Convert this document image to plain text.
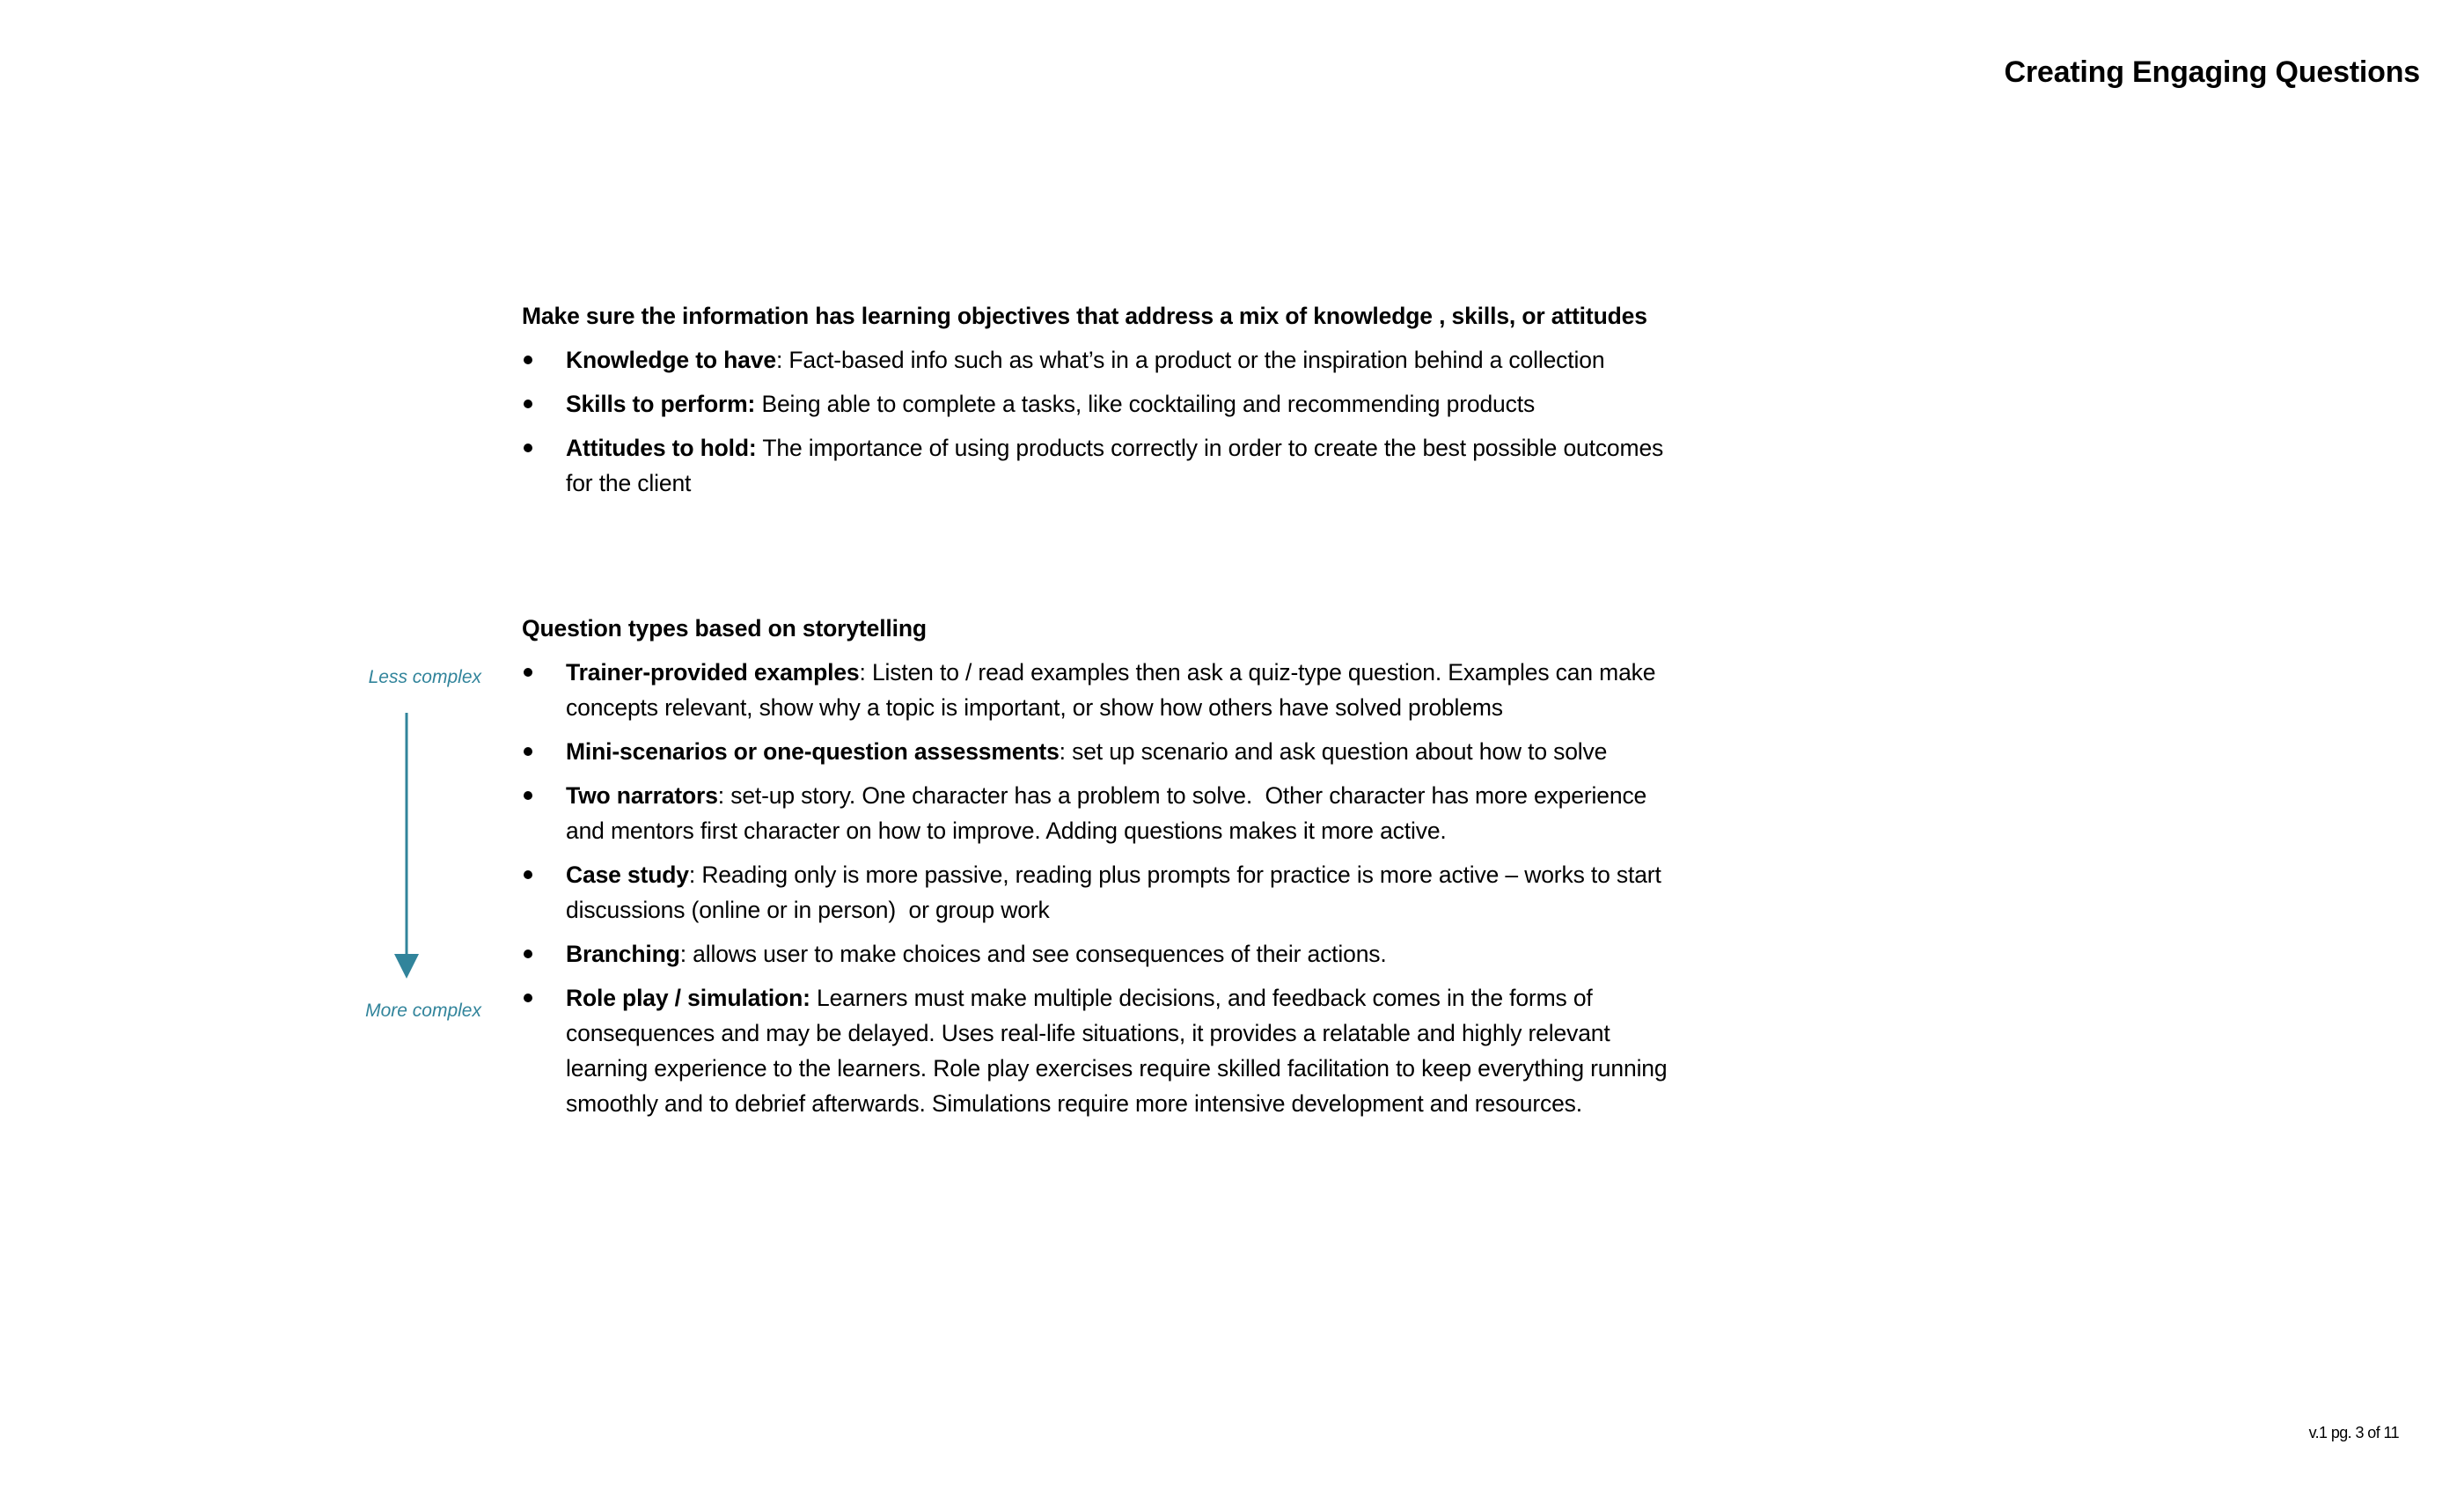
Creating Engaging Questions
Make sure the information has learning objectives that address a mix of knowledge , skills, or attitudes
Knowledge to have: Fact-based info such as what’s in a product or the inspiration behind a collection
Skills to perform: Being able to complete a tasks, like cocktailing and recommending products
Attitudes to hold: The importance of using products correctly in order to create the best possible outcomes
for the client
Question types based on storytelling
Trainer-provided examples: Listen to / read examples then ask a quiz-type question. Examples can make
concepts relevant, show why a topic is important, or show how others have solved problems
Mini-scenarios or one-question assessments: set up scenario and ask question about how to solve
Two narrators: set-up story. One character has a problem to solve.  Other character has more experience
and mentors first character on how to improve. Adding questions makes it more active.
Case study: Reading only is more passive, reading plus prompts for practice is more active – works to start
discussions (online or in person)  or group work
Branching: allows user to make choices and see consequences of their actions.
Role play / simulation: Learners must make multiple decisions, and feedback comes in the forms of
consequences and may be delayed. Uses real-life situations, it provides a relatable and highly relevant
learning experience to the learners. Role play exercises require skilled facilitation to keep everything running
smoothly and to debrief afterwards. Simulations require more intensive development and resources.
Less complex
More complex
v.1 pg. 3 of 11
